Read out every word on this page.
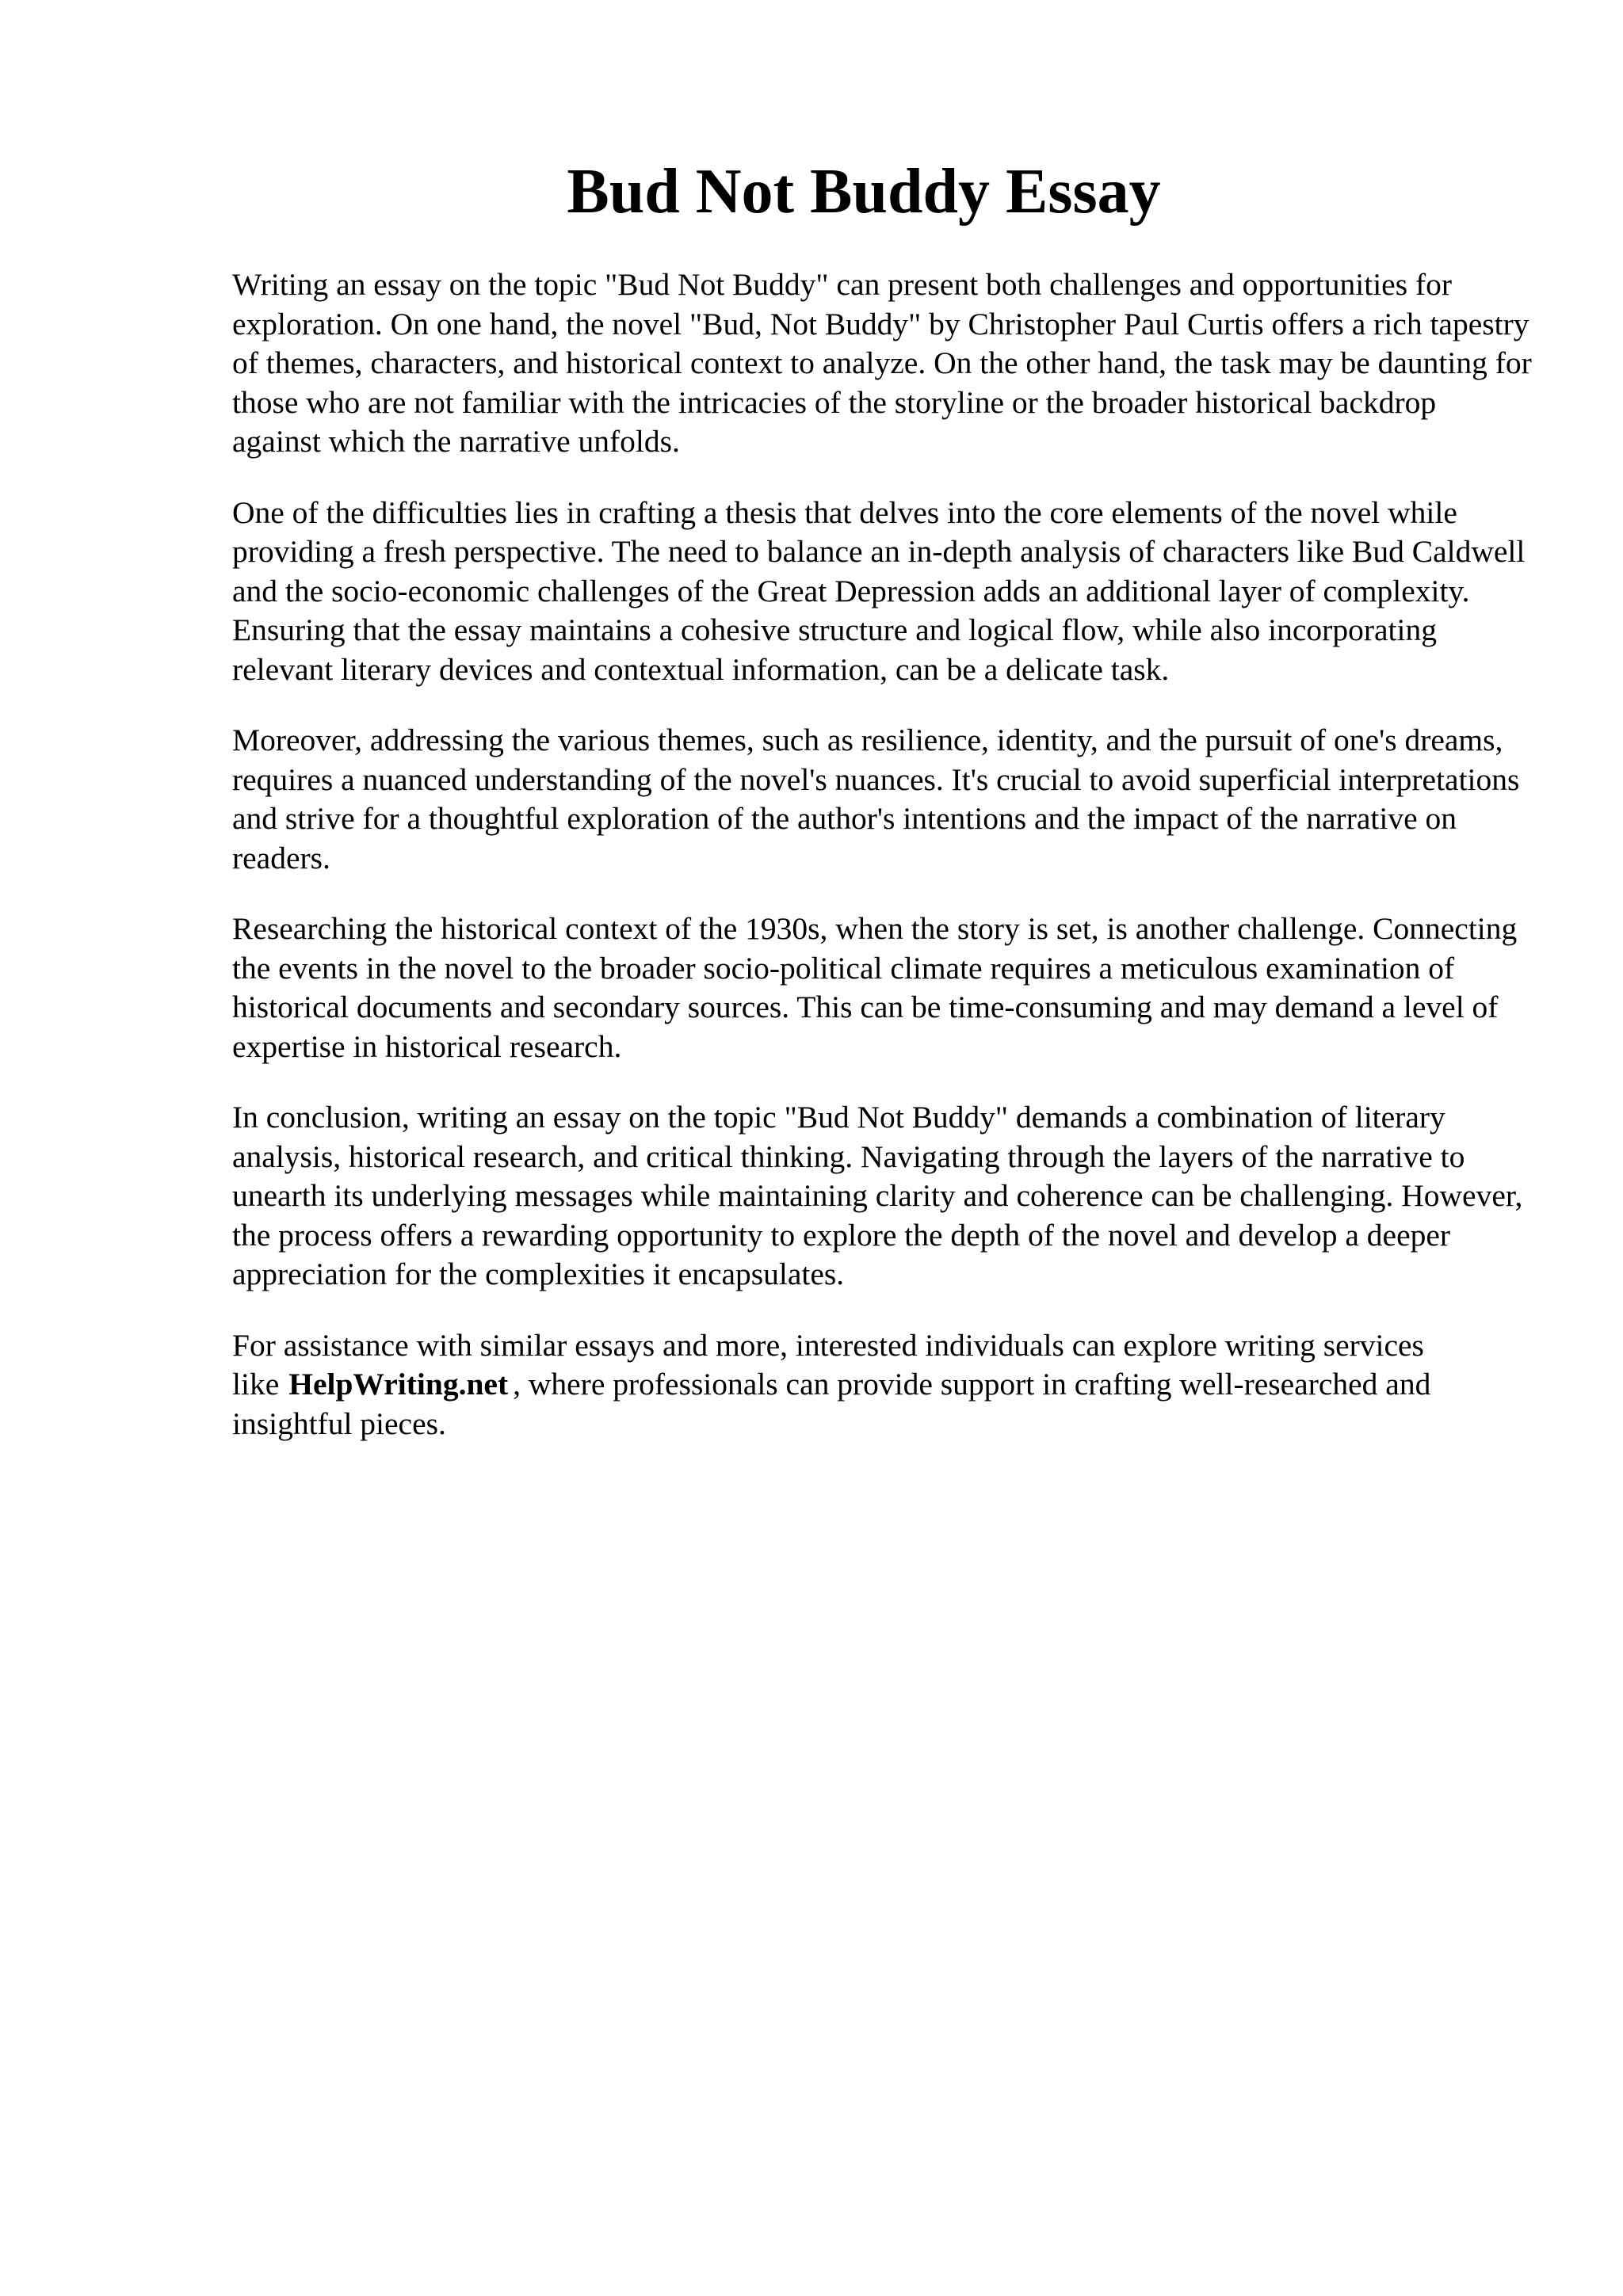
Bud Not Buddy Essay

Writing an essay on the topic "Bud Not Buddy" can present both challenges and opportunities for exploration. On one hand, the novel "Bud, Not Buddy" by Christopher Paul Curtis offers a rich tapestry of themes, characters, and historical context to analyze. On the other hand, the task may be daunting for those who are not familiar with the intricacies of the storyline or the broader historical backdrop against which the narrative unfolds.

One of the difficulties lies in crafting a thesis that delves into the core elements of the novel while providing a fresh perspective. The need to balance an in-depth analysis of characters like Bud Caldwell and the socio-economic challenges of the Great Depression adds an additional layer of complexity. Ensuring that the essay maintains a cohesive structure and logical flow, while also incorporating relevant literary devices and contextual information, can be a delicate task.

Moreover, addressing the various themes, such as resilience, identity, and the pursuit of one's dreams, requires a nuanced understanding of the novel's nuances. It's crucial to avoid superficial interpretations and strive for a thoughtful exploration of the author's intentions and the impact of the narrative on readers.

Researching the historical context of the 1930s, when the story is set, is another challenge. Connecting the events in the novel to the broader socio-political climate requires a meticulous examination of historical documents and secondary sources. This can be time-consuming and may demand a level of expertise in historical research.

In conclusion, writing an essay on the topic "Bud Not Buddy" demands a combination of literary analysis, historical research, and critical thinking. Navigating through the layers of the narrative to unearth its underlying messages while maintaining clarity and coherence can be challenging. However, the process offers a rewarding opportunity to explore the depth of the novel and develop a deeper appreciation for the complexities it encapsulates.

For assistance with similar essays and more, interested individuals can explore writing services like HelpWriting.net , where professionals can provide support in crafting well-researched and insightful pieces.
